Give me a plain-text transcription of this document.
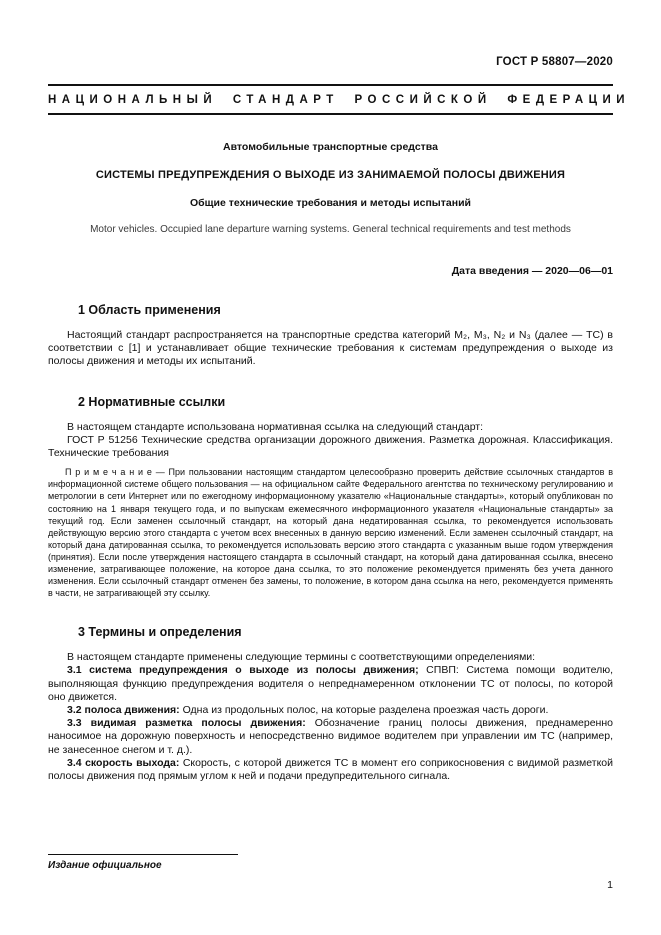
ГОСТ Р 58807—2020
НАЦИОНАЛЬНЫЙ СТАНДАРТ РОССИЙСКОЙ ФЕДЕРАЦИИ
Автомобильные транспортные средства
СИСТЕМЫ ПРЕДУПРЕЖДЕНИЯ О ВЫХОДЕ ИЗ ЗАНИМАЕМОЙ ПОЛОСЫ ДВИЖЕНИЯ
Общие технические требования и методы испытаний
Motor vehicles. Occupied lane departure warning systems. General technical requirements and test methods
Дата введения — 2020—06—01
1 Область применения

Настоящий стандарт распространяется на транспортные средства категорий М₂, М₃, N₂ и N₃ (далее — ТС) в соответствии с [1] и устанавливает общие технические требования к системам предупреждения о выходе из полосы движения и методы их испытаний.

2 Нормативные ссылки

В настоящем стандарте использована нормативная ссылка на следующий стандарт:

ГОСТ Р 51256 Технические средства организации дорожного движения. Разметка дорожная. Классификация. Технические требования

П р и м е ч а н и е — При пользовании настоящим стандартом целесообразно проверить действие ссылочных стандартов в информационной системе общего пользования — на официальном сайте Федерального агентства по техническому регулированию и метрологии в сети Интернет или по ежегодному информационному указателю «Национальные стандарты», который опубликован по состоянию на 1 января текущего года, и по выпускам ежемесячного информационного указателя «Национальные стандарты» за текущий год. Если заменен ссылочный стандарт, на который дана недатированная ссылка, то рекомендуется использовать действующую версию этого стандарта с учетом всех внесенных в данную версию изменений. Если заменен ссылочный стандарт, на который дана датированная ссылка, то рекомендуется использовать версию этого стандарта с указанным выше годом утверждения (принятия). Если после утверждения настоящего стандарта в ссылочный стандарт, на который дана датированная ссылка, внесено изменение, затрагивающее положение, на которое дана ссылка, то это положение рекомендуется применять без учета данного изменения. Если ссылочный стандарт отменен без замены, то положение, в котором дана ссылка на него, рекомендуется применять в части, не затрагивающей эту ссылку.

3 Термины и определения

В настоящем стандарте применены следующие термины с соответствующими определениями:

3.1 система предупреждения о выходе из полосы движения; СПВП: Система помощи водителю, выполняющая функцию предупреждения водителя о непреднамеренном отклонении ТС от полосы, по которой оно движется.

3.2 полоса движения: Одна из продольных полос, на которые разделена проезжая часть дороги.

3.3 видимая разметка полосы движения: Обозначение границ полосы движения, преднамеренно наносимое на дорожную поверхность и непосредственно видимое водителем при управлении им ТС (например, не занесенное снегом и т. д.).

3.4 скорость выхода: Скорость, с которой движется ТС в момент его соприкосновения с видимой разметкой полосы движения под прямым углом к ней и подачи предупредительного сигнала.

Издание официальное
1
